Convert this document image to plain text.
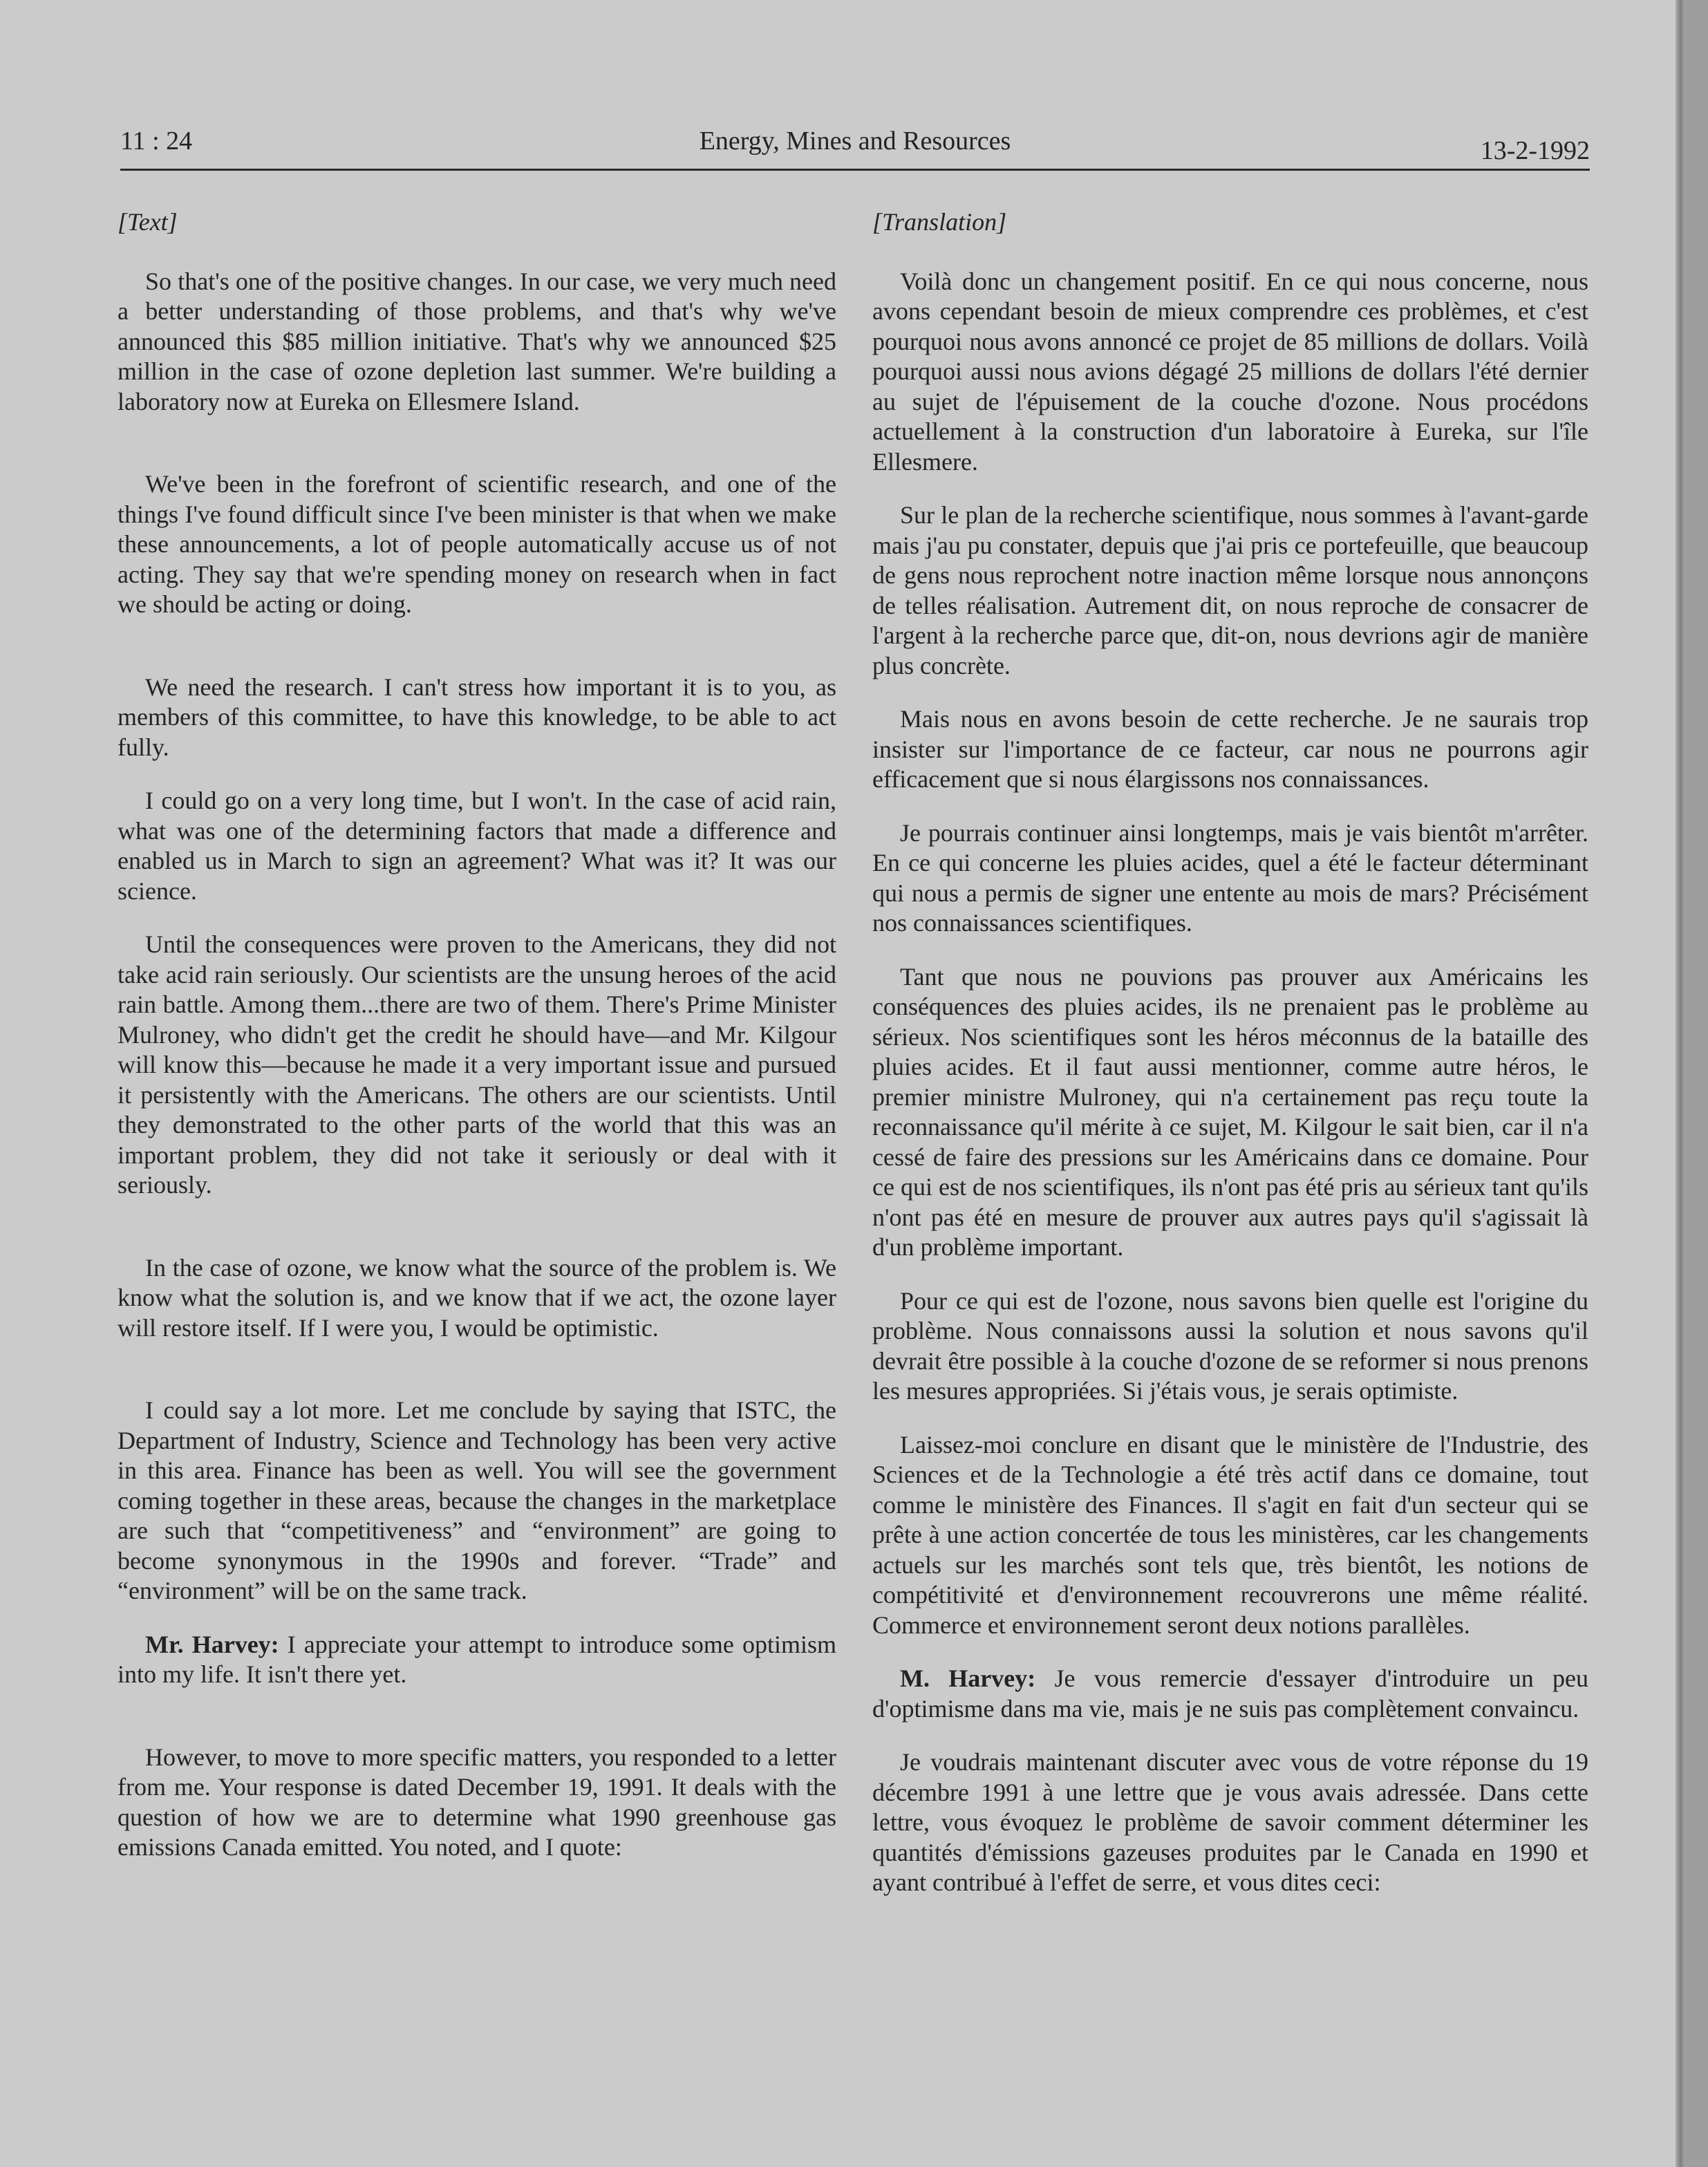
11 : 24	Energy, Mines and Resources	13-2-1992
[Text]

So that's one of the positive changes. In our case, we very much need a better understanding of those problems, and that's why we've announced this $85 million initiative. That's why we announced $25 million in the case of ozone depletion last summer. We're building a laboratory now at Eureka on Ellesmere Island.

We've been in the forefront of scientific research, and one of the things I've found difficult since I've been minister is that when we make these announcements, a lot of people automatically accuse us of not acting. They say that we're spending money on research when in fact we should be acting or doing.

We need the research. I can't stress how important it is to you, as members of this committee, to have this knowledge, to be able to act fully.

I could go on a very long time, but I won't. In the case of acid rain, what was one of the determining factors that made a difference and enabled us in March to sign an agreement? What was it? It was our science.

Until the consequences were proven to the Americans, they did not take acid rain seriously. Our scientists are the unsung heroes of the acid rain battle. Among them...there are two of them. There's Prime Minister Mulroney, who didn't get the credit he should have—and Mr. Kilgour will know this—because he made it a very important issue and pursued it persistently with the Americans. The others are our scientists. Until they demonstrated to the other parts of the world that this was an important problem, they did not take it seriously or deal with it seriously.

In the case of ozone, we know what the source of the problem is. We know what the solution is, and we know that if we act, the ozone layer will restore itself. If I were you, I would be optimistic.

I could say a lot more. Let me conclude by saying that ISTC, the Department of Industry, Science and Technology has been very active in this area. Finance has been as well. You will see the government coming together in these areas, because the changes in the marketplace are such that “competitiveness” and “environment” are going to become synonymous in the 1990s and forever. “Trade” and “environment” will be on the same track.

Mr. Harvey: I appreciate your attempt to introduce some optimism into my life. It isn't there yet.

However, to move to more specific matters, you responded to a letter from me. Your response is dated December 19, 1991. It deals with the question of how we are to determine what 1990 greenhouse gas emissions Canada emitted. You noted, and I quote:

[Translation]

Voilà donc un changement positif. En ce qui nous concerne, nous avons cependant besoin de mieux comprendre ces problèmes, et c'est pourquoi nous avons annoncé ce projet de 85 millions de dollars. Voilà pourquoi aussi nous avions dégagé 25 millions de dollars l'été dernier au sujet de l'épuisement de la couche d'ozone. Nous procédons actuellement à la construction d'un laboratoire à Eureka, sur l'île Ellesmere.

Sur le plan de la recherche scientifique, nous sommes à l'avant-garde mais j'au pu constater, depuis que j'ai pris ce portefeuille, que beaucoup de gens nous reprochent notre inaction même lorsque nous annonçons de telles réalisation. Autrement dit, on nous reproche de consacrer de l'argent à la recherche parce que, dit-on, nous devrions agir de manière plus concrète.

Mais nous en avons besoin de cette recherche. Je ne saurais trop insister sur l'importance de ce facteur, car nous ne pourrons agir efficacement que si nous élargissons nos connaissances.

Je pourrais continuer ainsi longtemps, mais je vais bientôt m'arrêter. En ce qui concerne les pluies acides, quel a été le facteur déterminant qui nous a permis de signer une entente au mois de mars? Précisément nos connaissances scientifiques.

Tant que nous ne pouvions pas prouver aux Américains les conséquences des pluies acides, ils ne prenaient pas le problème au sérieux. Nos scientifiques sont les héros méconnus de la bataille des pluies acides. Et il faut aussi mentionner, comme autre héros, le premier ministre Mulroney, qui n'a certainement pas reçu toute la reconnaissance qu'il mérite à ce sujet, M. Kilgour le sait bien, car il n'a cessé de faire des pressions sur les Américains dans ce domaine. Pour ce qui est de nos scientifiques, ils n'ont pas été pris au sérieux tant qu'ils n'ont pas été en mesure de prouver aux autres pays qu'il s'agissait là d'un problème important.

Pour ce qui est de l'ozone, nous savons bien quelle est l'origine du problème. Nous connaissons aussi la solution et nous savons qu'il devrait être possible à la couche d'ozone de se reformer si nous prenons les mesures appropriées. Si j'étais vous, je serais optimiste.

Laissez-moi conclure en disant que le ministère de l'Industrie, des Sciences et de la Technologie a été très actif dans ce domaine, tout comme le ministère des Finances. Il s'agit en fait d'un secteur qui se prête à une action concertée de tous les ministères, car les changements actuels sur les marchés sont tels que, très bientôt, les notions de compétitivité et d'environnement recouvrerons une même réalité. Commerce et environnement seront deux notions parallèles.

M. Harvey: Je vous remercie d'essayer d'introduire un peu d'optimisme dans ma vie, mais je ne suis pas complètement convaincu.

Je voudrais maintenant discuter avec vous de votre réponse du 19 décembre 1991 à une lettre que je vous avais adressée. Dans cette lettre, vous évoquez le problème de savoir comment déterminer les quantités d'émissions gazeuses produites par le Canada en 1990 et ayant contribué à l'effet de serre, et vous dites ceci:
